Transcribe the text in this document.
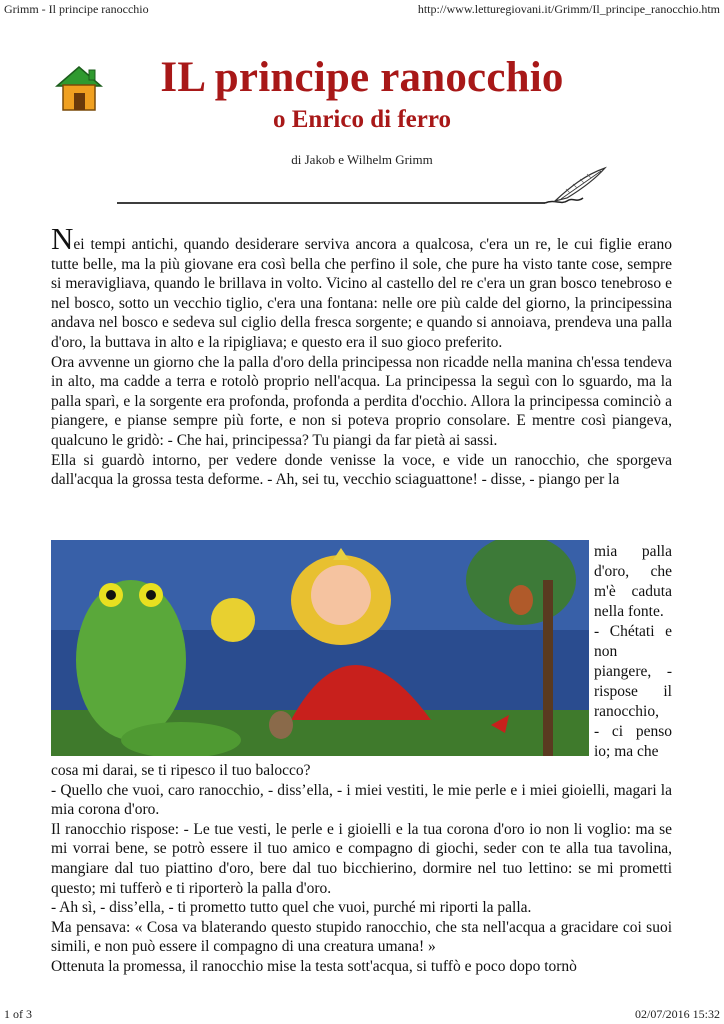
Grimm - Il principe ranocchio	http://www.letturegiovani.it/Grimm/Il_principe_ranocchio.htm
IL principe ranocchio
o Enrico di ferro
di Jakob e Wilhelm Grimm

Nei tempi antichi, quando desiderare serviva ancora a qualcosa, c'era un re, le cui figlie erano tutte belle, ma la più giovane era così bella che perfino il sole, che pure ha visto tante cose, sempre si meravigliava, quando le brillava in volto. Vicino al castello del re c'era un gran bosco tenebroso e nel bosco, sotto un vecchio tiglio, c'era una fontana: nelle ore più calde del giorno, la principessina andava nel bosco e sedeva sul ciglio della fresca sorgente; e quando si annoiava, prendeva una palla d'oro, la buttava in alto e la ripigliava; e questo era il suo gioco preferito.

Ora avvenne un giorno che la palla d'oro della principessa non ricadde nella manina ch'essa tendeva in alto, ma cadde a terra e rotolò proprio nell'acqua. La principessa la seguì con lo sguardo, ma la palla sparì, e la sorgente era profonda, profonda a perdita d'occhio. Allora la principessa cominciò a piangere, e pianse sempre più forte, e non si poteva proprio consolare. E mentre così piangeva, qualcuno le gridò: - Che hai, principessa? Tu piangi da far pietà ai sassi.

Ella si guardò intorno, per vedere donde venisse la voce, e vide un ranocchio, che sporgeva dall'acqua la grossa testa deforme. - Ah, sei tu, vecchio sciaguattone! - disse, - piango per la

mia palla d'oro, che m'è caduta nella fonte.

- Chétati e non piangere, - rispose il ranocchio,

- ci penso io; ma che

cosa mi darai, se ti ripesco il tuo balocco?

- Quello che vuoi, caro ranocchio, - diss’ella, - i miei vestiti, le mie perle e i miei gioielli, magari la mia corona d'oro.

Il ranocchio rispose: - Le tue vesti, le perle e i gioielli e la tua corona d'oro io non li voglio: ma se mi vorrai bene, se potrò essere il tuo amico e compagno di giochi, seder con te alla tua tavolina, mangiare dal tuo piattino d'oro, bere dal tuo bicchierino, dormire nel tuo lettino: se mi prometti questo; mi tufferò e ti riporterò la palla d'oro.

- Ah sì, - diss’ella, - ti prometto tutto quel che vuoi, purché mi riporti la palla.

Ma pensava: « Cosa va blaterando questo stupido ranocchio, che sta nell'acqua a gracidare coi suoi simili, e non può essere il compagno di una creatura umana! »

Ottenuta la promessa, il ranocchio mise la testa sott'acqua, si tuffò e poco dopo tornò

1 of 3	02/07/2016 15:32
